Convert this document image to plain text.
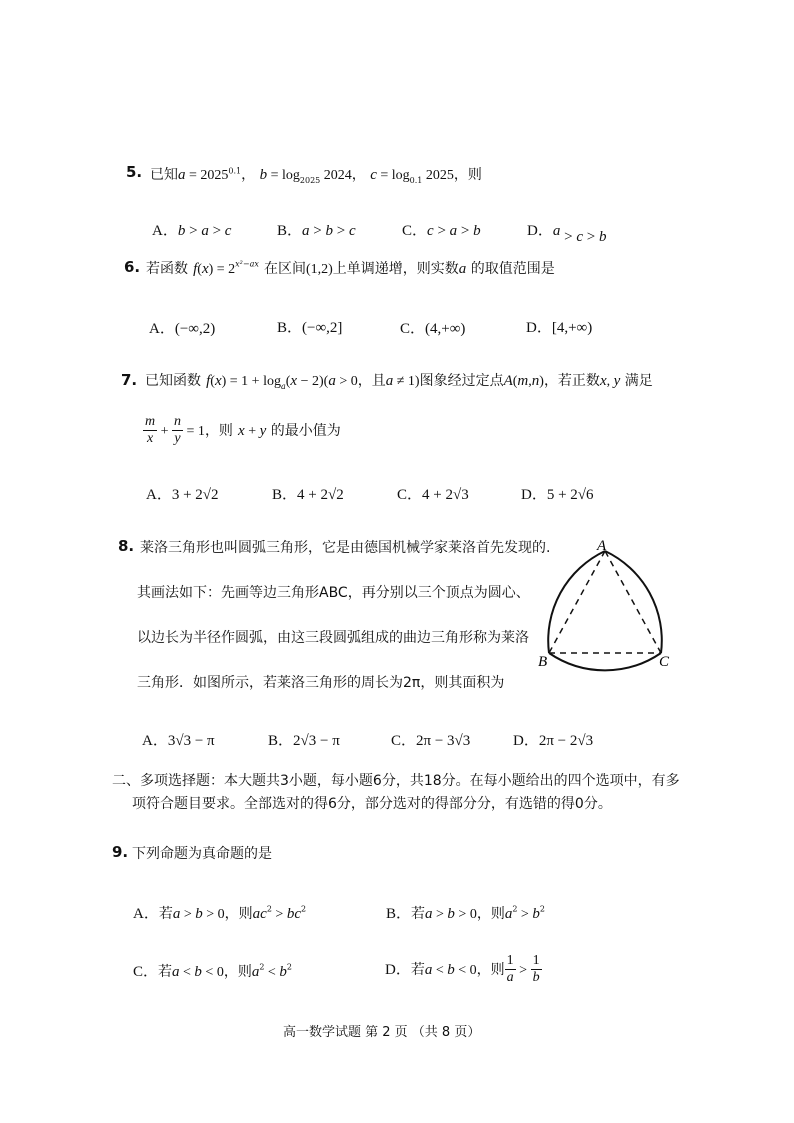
5. 已知$a = 2025^{0.1}$， $b = \log_{2025} 2024$， $c = \log_{0.1} 2025$，则
A．b > a > c	B．a > b > c	C．c > a > b	D．a > c > b
6. 若函数 $f(x) = 2^{x^2-ax}$ 在区间(1,2)上单调递增，则实数a 的取值范围是
A．(−∞,2)	B．(−∞,2]	C．(4,+∞)	D．[4,+∞)
7. 已知函数 $f(x) = 1 + \log_a(x - 2)(a > 0$，且a ≠ 1)图象经过定点A(m,n)，若正数x, y 满足
$\frac{m}{x} + \frac{n}{y} = 1$，则 x + y 的最小值为
A．3 + 2√2	B．4 + 2√2	C．4 + 2√3	D．5 + 2√6
8. 莱洛三角形也叫圆弧三角形，它是由德国机械学家莱洛首先发现的.
其画法如下：先画等边三角形ABC，再分别以三个顶点为圆心、
以边长为半径作圆弧，由这三段圆弧组成的曲边三角形称为莱洛
三角形．如图所示，若莱洛三角形的周长为2π，则其面积为
A
B	C
A．3√3 − π	B．2√3 − π	C．2π − 3√3	D．2π − 2√3
二、多项选择题：本大题共3小题，每小题6分，共18分。在每小题给出的四个选项中，有多
项符合题目要求。全部选对的得6分，部分选对的得部分分，有选错的得0分。
9. 下列命题为真命题的是
A．若a > b > 0，则$ac^2 > bc^2$	B．若a > b > 0，则$a^2 > b^2$
C．若a < b < 0，则$a^2 < b^2$	D．若a < b < 0，则 $\frac{1}{a} > \frac{1}{b}$
高一数学试题 第 2 页 （共 8 页）
